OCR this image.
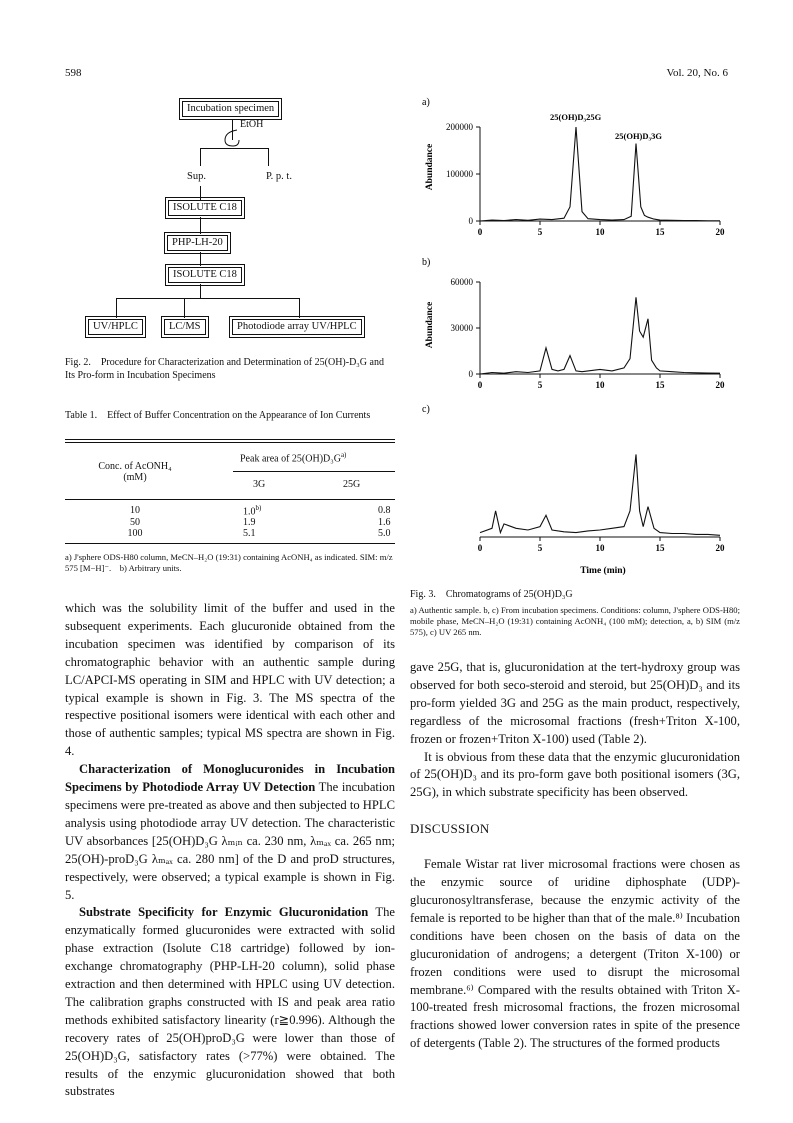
598	Vol. 20, No. 6
Incubation specimen
EtOH
Sup.	P. p. t.
ISOLUTE C18
PHP-LH-20
ISOLUTE C18
UV/HPLC	LC/MS	Photodiode array UV/HPLC
Fig. 2. Procedure for Characterization and Determination of 25(OH)-D₃G and Its Pro-form in Incubation Specimens
Table 1. Effect of Buffer Concentration on the Appearance of Ion Currents
Conc. of AcONH₄
(mM)
Peak area of $25(OH)D_3G^{a)}$
3G	25G
10	1.0$^{b)}$	0.8
50	1.9	1.6
100	5.1	5.0
a) J'sphere ODS-H80 column, MeCN–H₂O (19:31) containing AcONH₄ as indicated. SIM: m/z 575 [M−H]⁻. b) Arbitrary units.

which was the solubility limit of the buffer and used in the subsequent experiments. Each glucuronide obtained from the incubation specimen was identified by comparison of its chromatographic behavior with an authentic sample during LC/APCI-MS operating in SIM and HPLC with UV detection; a typical example is shown in Fig. 3. The MS spectra of the respective positional isomers were identical with each other and those of authentic samples; typical MS spectra are shown in Fig. 4.

Characterization of Monoglucuronides in Incubation Specimens by Photodiode Array UV Detection The incubation specimens were pre-treated as above and then subjected to HPLC analysis using photodiode array UV detection. The characteristic UV absorbances [25(OH)D₃G λₘᵢₙ ca. 230 nm, λₘₐₓ ca. 265 nm; 25(OH)-proD₃G λₘₐₓ ca. 280 nm] of the D and proD structures, respectively, were observed; a typical example is shown in Fig. 5.

Substrate Specificity for Enzymic Glucuronidation The enzymatically formed glucuronides were extracted with solid phase extraction (Isolute C18 cartridge) followed by ion-exchange chromatography (PHP-LH-20 column), solid phase extraction and then determined with HPLC using UV detection. The calibration graphs constructed with IS and peak area ratio methods exhibited satisfactory linearity (r≧0.996). Although the recovery rates of 25(OH)proD₃G were lower than those of 25(OH)D₃G, satisfactory rates (>77%) were obtained. The results of the enzymic glucuronidation showed that both substrates

a)
b)
c)
Abundance
Abundance
25(OH)D₃25G
25(OH)D₃3G
Time (min)
0	5	10	15	20
0
100000
200000
0	5	10	15	20
0
30000
60000
0	5	10	15	20
Fig. 3. Chromatograms of 25(OH)D₃G
a) Authentic sample. b, c) From incubation specimens. Conditions: column, J'sphere ODS-H80; mobile phase, MeCN–H₂O (19:31) containing AcONH₄ (100 mM); detection, a, b) SIM (m/z 575), c) UV 265 nm.

gave 25G, that is, glucuronidation at the tert-hydroxy group was observed for both seco-steroid and steroid, but 25(OH)D₃ and its pro-form yielded 3G and 25G as the main product, respectively, regardless of the microsomal fractions (fresh+Triton X-100, frozen or frozen+Triton X-100) used (Table 2).

It is obvious from these data that the enzymic glucuronidation of 25(OH)D₃ and its pro-form gave both positional isomers (3G, 25G), in which substrate specificity has been observed.

DISCUSSION

Female Wistar rat liver microsomal fractions were chosen as the enzymic source of uridine diphosphate (UDP)-glucuronosyltransferase, because the enzymic activity of the female is reported to be higher than that of the male.⁸⁾ Incubation conditions have been chosen on the basis of data on the glucuronidation of androgens; a detergent (Triton X-100) or frozen conditions were used to disrupt the microsomal membrane.⁶⁾ Compared with the results obtained with Triton X-100-treated fresh microsomal fractions, the frozen microsomal fractions showed lower conversion rates in spite of the presence of detergents (Table 2). The structures of the formed products
